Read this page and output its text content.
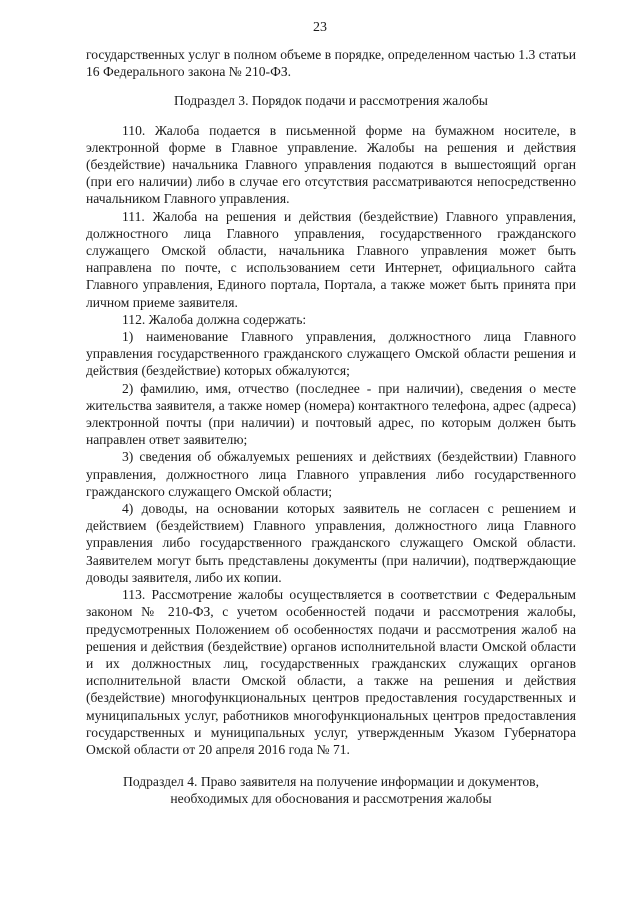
23

государственных услуг в полном объеме в порядке, определенном частью 1.3 статьи 16 Федерального закона № 210-ФЗ.

Подраздел 3. Порядок подачи и рассмотрения жалобы

110. Жалоба подается в письменной форме на бумажном носителе, в электронной форме в Главное управление. Жалобы на решения и действия (бездействие) начальника Главного управления подаются в вышестоящий орган (при его наличии) либо в случае его отсутствия рассматриваются непосредственно начальником Главного управления.

111. Жалоба на решения и действия (бездействие) Главного управления, должностного лица Главного управления, государственного гражданского служащего Омской области, начальника Главного управления может быть направлена по почте, с использованием сети Интернет, официального сайта Главного управления, Единого портала, Портала, а также может быть принята при личном приеме заявителя.

112. Жалоба должна содержать:

1) наименование Главного управления, должностного лица Главного управления государственного гражданского служащего Омской области решения и действия (бездействие) которых обжалуются;

2) фамилию, имя, отчество (последнее - при наличии), сведения о месте жительства заявителя, а также номер (номера) контактного телефона, адрес (адреса) электронной почты (при наличии) и почтовый адрес, по которым должен быть направлен ответ заявителю;

3) сведения об обжалуемых решениях и действиях (бездействии) Главного управления, должностного лица Главного управления либо государственного гражданского служащего Омской области;

4) доводы, на основании которых заявитель не согласен с решением и действием (бездействием) Главного управления, должностного лица Главного управления либо государственного гражданского служащего Омской области. Заявителем могут быть представлены документы (при наличии), подтверждающие доводы заявителя, либо их копии.

113. Рассмотрение жалобы осуществляется в соответствии с Федеральным законом № 210-ФЗ, с учетом особенностей подачи и рассмотрения жалобы, предусмотренных Положением об особенностях подачи и рассмотрения жалоб на решения и действия (бездействие) органов исполнительной власти Омской области и их должностных лиц, государственных гражданских служащих органов исполнительной власти Омской области, а также на решения и действия (бездействие) многофункциональных центров предоставления государственных и муниципальных услуг, работников многофункциональных центров предоставления государственных и муниципальных услуг, утвержденным Указом Губернатора Омской области от 20 апреля 2016 года № 71.

Подраздел 4. Право заявителя на получение информации и документов, необходимых для обоснования и рассмотрения жалобы
